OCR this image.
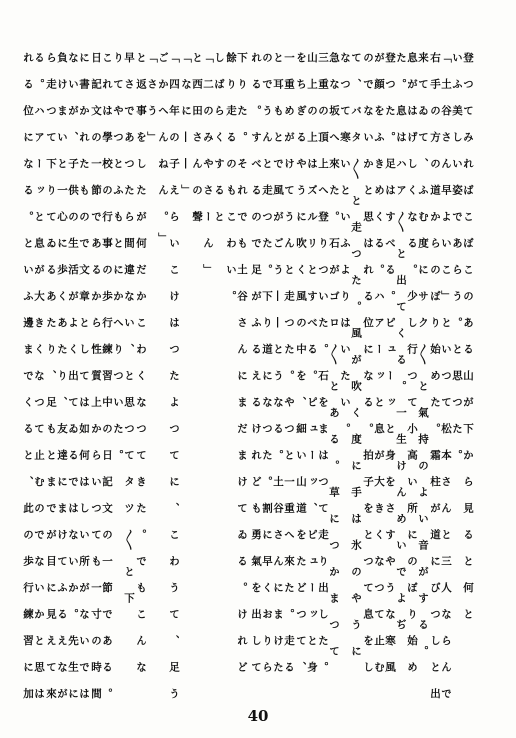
登つてみればこぼこのある山が下から見ると何と
いふ美しい姿であらう。と思つた。
「土谷さん早よいこ」といつて松本さんと三人ならんで
右手の方の道からのぼり始めた。霜柱が道にびつしと出
来てゐて、ふむ度にサク〳〵と氣持のよい音がする。
息がはげしくなる。少し行つて小高い所にのぼり始め
た。息はハア〳〵と出てくる。一生けんめいでよぢ
登つた。足はすべる。ピューッと身をさすやうな寒風
が顔をふきめくる。ハアーッと息が大きくなつて止む
のでないかと思はれる位になる。拍子をとつて息をし
て、バタ〳〵と走つた。風が吹く度に手は氷のやうに
なつて寒いといふよりはいたい。
急な坂へ來た。石がゴロ〳〵とある。草につかまつて
三重の頂上へ登りついた。石をまはつて走り出した。
山上の上はズルリとすべる。ピューッ、ピューッと身
をちぎるやうに吹く風の中を、細い山道をたどつて、
一重めがけてうんと走つた。やつと一重へ來た。走る
と耳もとで風がごう――とうなる。土谷さんにまけた
のでうんと走つた。下り道になつた。割に早くおりら
れる。すべるので足がふるえるけれども勇氣を出して
下りた。それでも土谷さんにまだまけてゐる。けれど
餘り走るのもこわい。
しばらくすると
「二のみやさーん」
と西田さんの聲
「なに――」
「四年の子えらいこけはつたよつてに、こわうて、足う
ごかへんねん。」
「さう」
と返事をしたが何だかこわくなつてきた。でもこんな
早さであつたら間違ない、と思つてタツ〳〵と下
りてやつとふもとにかへりついた。
これは學校の行事の歩行練習中の日記文の一節である。
日記文の一節であるから性質上からいつても一寸の時間
に書かれたもので文章としては如何はしい所がないでは
ないが、子供の生活がよく出てゐるではないか。先生に
負けまいと一心に歩くあたり、友達にまけてふるえなが
ら走つて下りてゐるあたり、足もとまでが目に見えて來
る。ハアーッと息が大きくなつて止むのでないかと思は
れる位になる。といふ邊までくると、此の歩行練習に加
40
